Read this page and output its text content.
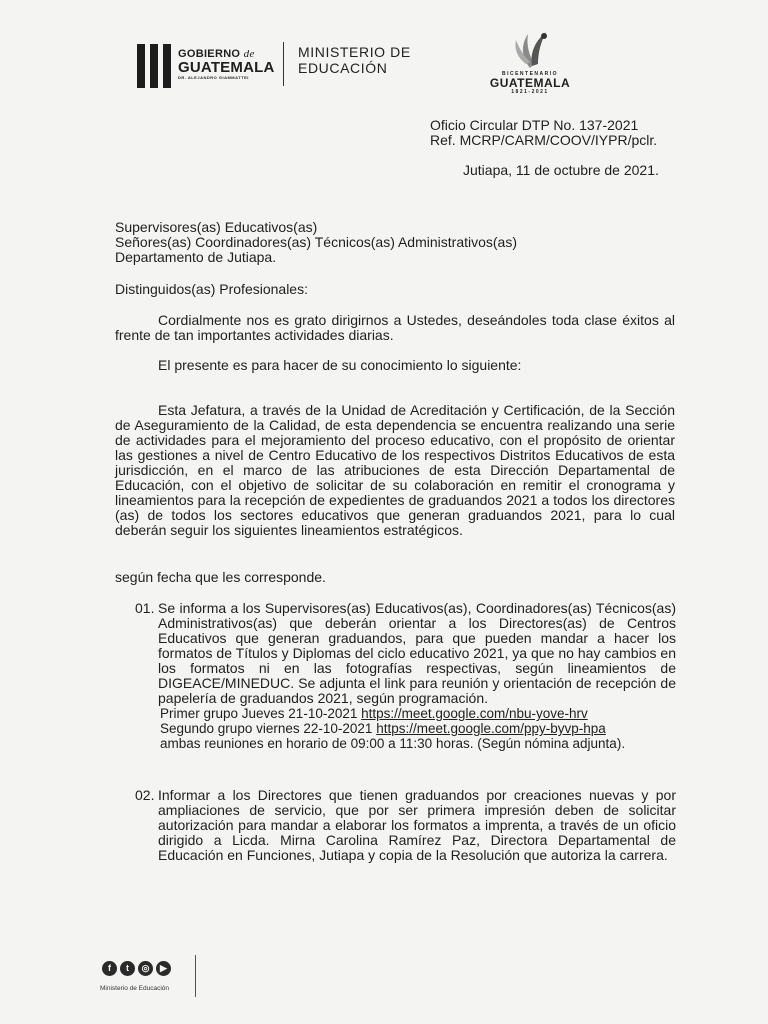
GOBIERNO de
GUATEMALA
DR. ALEJANDRO GIAMMATTEI
MINISTERIO DE
EDUCACIÓN	BICENTENARIO
GUATEMALA
1821-2021
Oficio Circular DTP No. 137-2021
Ref. MCRP/CARM/COOV/IYPR/pclr.
Jutiapa, 11 de octubre de 2021.
Supervisores(as) Educativos(as)
Señores(as) Coordinadores(as) Técnicos(as) Administrativos(as)
Departamento de Jutiapa.
Distinguidos(as) Profesionales:
Cordialmente nos es grato dirigirnos a Ustedes, deseándoles toda clase éxitos al frente de tan importantes actividades diarias.
El presente es para hacer de su conocimiento lo siguiente:
Esta Jefatura, a través de la Unidad de Acreditación y Certificación, de la Sección de Aseguramiento de la Calidad, de esta dependencia se encuentra realizando una serie de actividades para el mejoramiento del proceso educativo, con el propósito de orientar las gestiones a nivel de Centro Educativo de los respectivos Distritos Educativos de esta jurisdicción, en el marco de las atribuciones de esta Dirección Departamental de Educación, con el objetivo de solicitar de su colaboración en remitir el cronograma y lineamientos para la recepción de expedientes de graduandos 2021 a todos los directores (as) de todos los sectores educativos que generan graduandos 2021, para lo cual deberán seguir los siguientes lineamientos estratégicos.
según fecha que les corresponde.
01. Se informa a los Supervisores(as) Educativos(as), Coordinadores(as) Técnicos(as) Administrativos(as) que deberán orientar a los Directores(as) de Centros Educativos que generan graduandos, para que pueden mandar a hacer los formatos de Títulos y Diplomas del ciclo educativo 2021, ya que no hay cambios en los formatos ni en las fotografías respectivas, según lineamientos de DIGEACE/MINEDUC. Se adjunta el link para reunión y orientación de recepción de papelería de graduandos 2021, según programación.
Primer grupo Jueves 21-10-2021 https://meet.google.com/nbu-yove-hrv
Segundo grupo viernes 22-10-2021 https://meet.google.com/ppy-byvp-hpa
ambas reuniones en horario de 09:00 a 11:30 horas. (Según nómina adjunta).
02. Informar a los Directores que tienen graduandos por creaciones nuevas y por ampliaciones de servicio, que por ser primera impresión deben de solicitar autorización para mandar a elaborar los formatos a imprenta, a través de un oficio dirigido a Licda. Mirna Carolina Ramírez Paz, Directora Departamental de Educación en Funciones, Jutiapa y copia de la Resolución que autoriza la carrera.
f	t	◎	▶
Ministerio de Educación
